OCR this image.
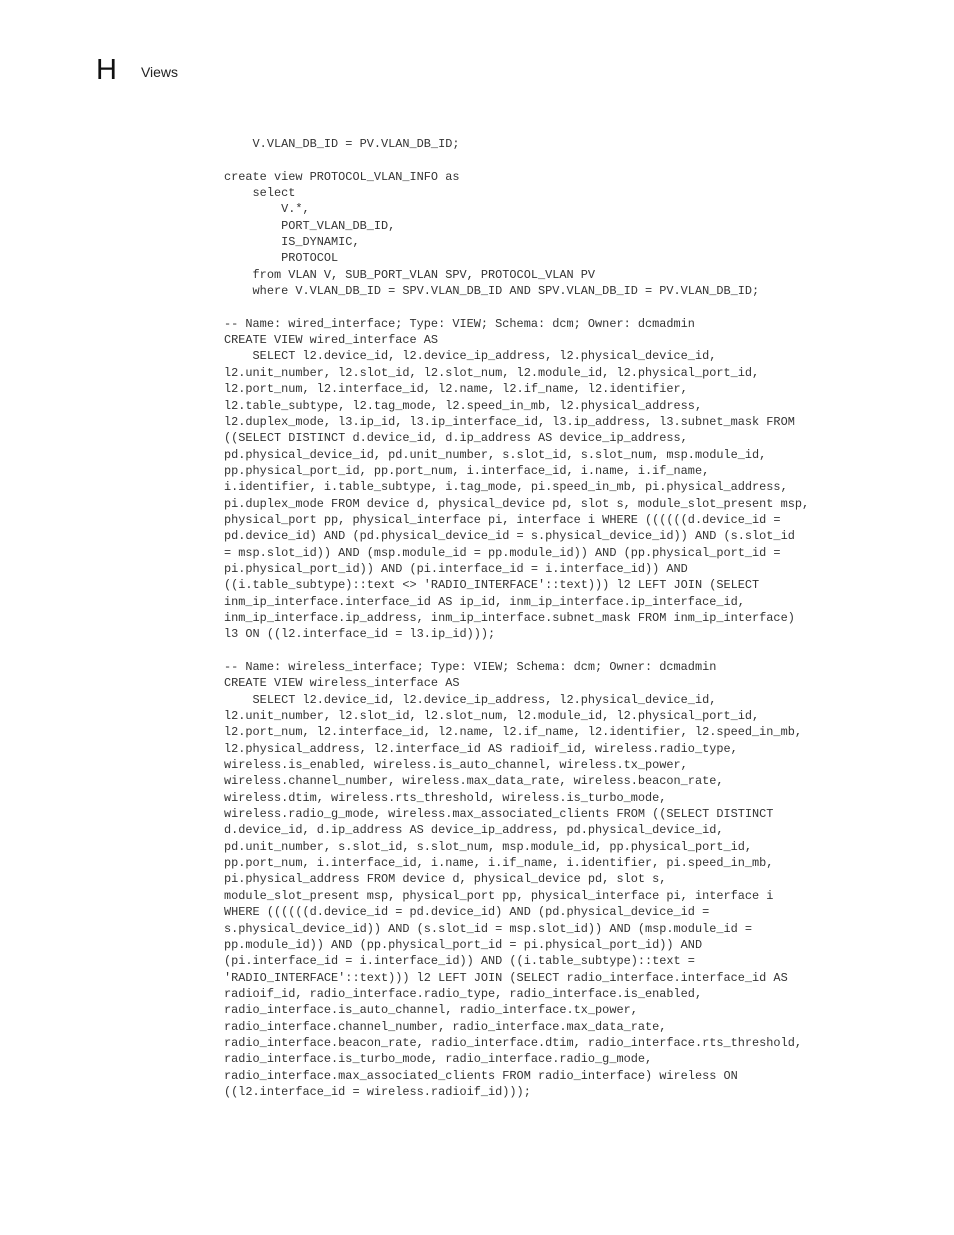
H Views
V.VLAN_DB_ID = PV.VLAN_DB_ID;

create view PROTOCOL_VLAN_INFO as
select
V.*,
PORT_VLAN_DB_ID,
IS_DYNAMIC,
PROTOCOL
from VLAN V, SUB_PORT_VLAN SPV, PROTOCOL_VLAN PV
where V.VLAN_DB_ID = SPV.VLAN_DB_ID AND SPV.VLAN_DB_ID = PV.VLAN_DB_ID;

-- Name: wired_interface; Type: VIEW; Schema: dcm; Owner: dcmadmin
CREATE VIEW wired_interface AS
SELECT l2.device_id, l2.device_ip_address, l2.physical_device_id,
l2.unit_number, l2.slot_id, l2.slot_num, l2.module_id, l2.physical_port_id,
l2.port_num, l2.interface_id, l2.name, l2.if_name, l2.identifier,
l2.table_subtype, l2.tag_mode, l2.speed_in_mb, l2.physical_address,
l2.duplex_mode, l3.ip_id, l3.ip_interface_id, l3.ip_address, l3.subnet_mask FROM
((SELECT DISTINCT d.device_id, d.ip_address AS device_ip_address,
pd.physical_device_id, pd.unit_number, s.slot_id, s.slot_num, msp.module_id,
pp.physical_port_id, pp.port_num, i.interface_id, i.name, i.if_name,
i.identifier, i.table_subtype, i.tag_mode, pi.speed_in_mb, pi.physical_address,
pi.duplex_mode FROM device d, physical_device pd, slot s, module_slot_present msp,
physical_port pp, physical_interface pi, interface i WHERE ((((((d.device_id =
pd.device_id) AND (pd.physical_device_id = s.physical_device_id)) AND (s.slot_id
= msp.slot_id)) AND (msp.module_id = pp.module_id)) AND (pp.physical_port_id =
pi.physical_port_id)) AND (pi.interface_id = i.interface_id)) AND
((i.table_subtype)::text <> 'RADIO_INTERFACE'::text))) l2 LEFT JOIN (SELECT
inm_ip_interface.interface_id AS ip_id, inm_ip_interface.ip_interface_id,
inm_ip_interface.ip_address, inm_ip_interface.subnet_mask FROM inm_ip_interface)
l3 ON ((l2.interface_id = l3.ip_id)));

-- Name: wireless_interface; Type: VIEW; Schema: dcm; Owner: dcmadmin
CREATE VIEW wireless_interface AS
SELECT l2.device_id, l2.device_ip_address, l2.physical_device_id,
l2.unit_number, l2.slot_id, l2.slot_num, l2.module_id, l2.physical_port_id,
l2.port_num, l2.interface_id, l2.name, l2.if_name, l2.identifier, l2.speed_in_mb,
l2.physical_address, l2.interface_id AS radioif_id, wireless.radio_type,
wireless.is_enabled, wireless.is_auto_channel, wireless.tx_power,
wireless.channel_number, wireless.max_data_rate, wireless.beacon_rate,
wireless.dtim, wireless.rts_threshold, wireless.is_turbo_mode,
wireless.radio_g_mode, wireless.max_associated_clients FROM ((SELECT DISTINCT
d.device_id, d.ip_address AS device_ip_address, pd.physical_device_id,
pd.unit_number, s.slot_id, s.slot_num, msp.module_id, pp.physical_port_id,
pp.port_num, i.interface_id, i.name, i.if_name, i.identifier, pi.speed_in_mb,
pi.physical_address FROM device d, physical_device pd, slot s,
module_slot_present msp, physical_port pp, physical_interface pi, interface i
WHERE ((((((d.device_id = pd.device_id) AND (pd.physical_device_id =
s.physical_device_id)) AND (s.slot_id = msp.slot_id)) AND (msp.module_id =
pp.module_id)) AND (pp.physical_port_id = pi.physical_port_id)) AND
(pi.interface_id = i.interface_id)) AND ((i.table_subtype)::text =
'RADIO_INTERFACE'::text))) l2 LEFT JOIN (SELECT radio_interface.interface_id AS
radioif_id, radio_interface.radio_type, radio_interface.is_enabled,
radio_interface.is_auto_channel, radio_interface.tx_power,
radio_interface.channel_number, radio_interface.max_data_rate,
radio_interface.beacon_rate, radio_interface.dtim, radio_interface.rts_threshold,
radio_interface.is_turbo_mode, radio_interface.radio_g_mode,
radio_interface.max_associated_clients FROM radio_interface) wireless ON
((l2.interface_id = wireless.radioif_id)));
